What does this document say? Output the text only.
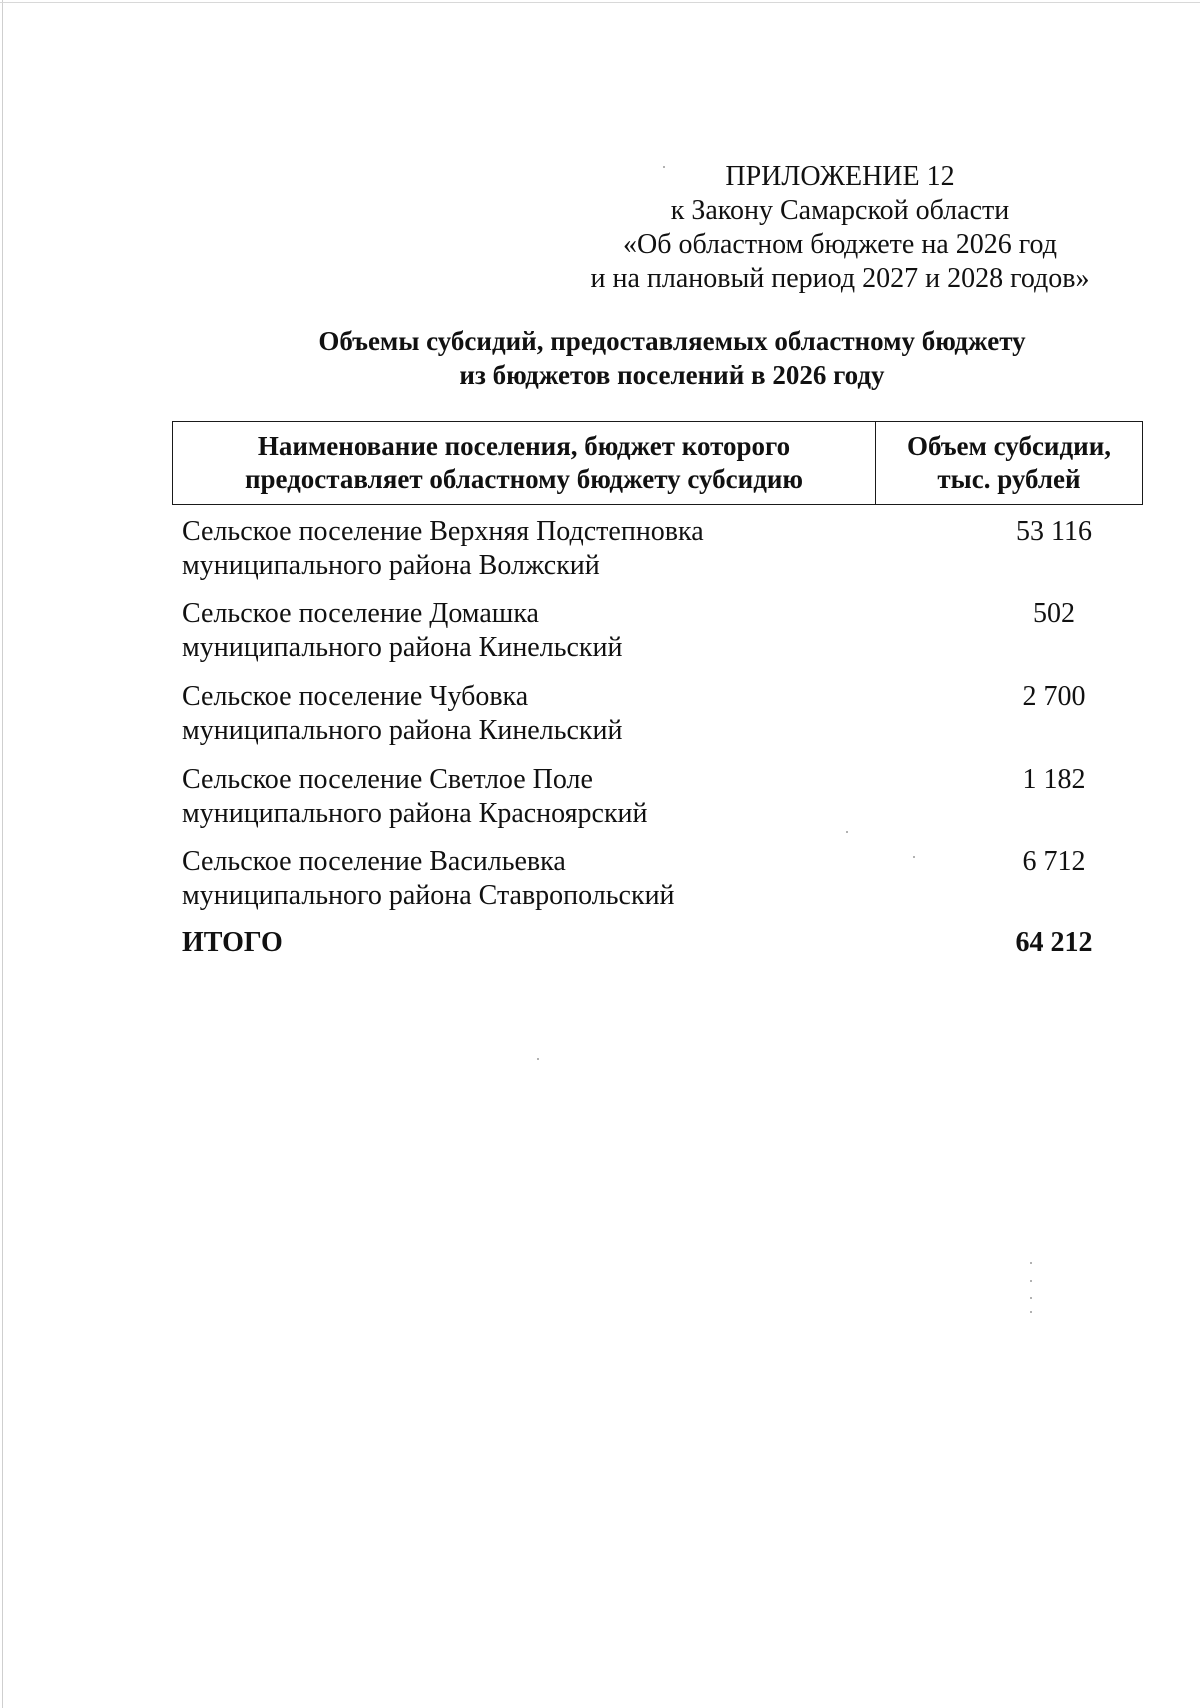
ПРИЛОЖЕНИЕ 12
к Закону Самарской области
«Об областном бюджете на 2026 год
и на плановый период 2027 и 2028 годов»
Объемы субсидий, предоставляемых областному бюджету
из бюджетов поселений в 2026 году
Наименование поселения, бюджет которого
предоставляет областному бюджету субсидию
Объем субсидии,
тыс. рублей
Сельское поселение Верхняя Подстепновка
муниципального района Волжский
53 116
Сельское поселение Домашка
муниципального района Кинельский
502
Сельское поселение Чубовка
муниципального района Кинельский
2 700
Сельское поселение Светлое Поле
муниципального района Красноярский
1 182
Сельское поселение Васильевка
муниципального района Ставропольский
6 712
ИТОГО	64 212
